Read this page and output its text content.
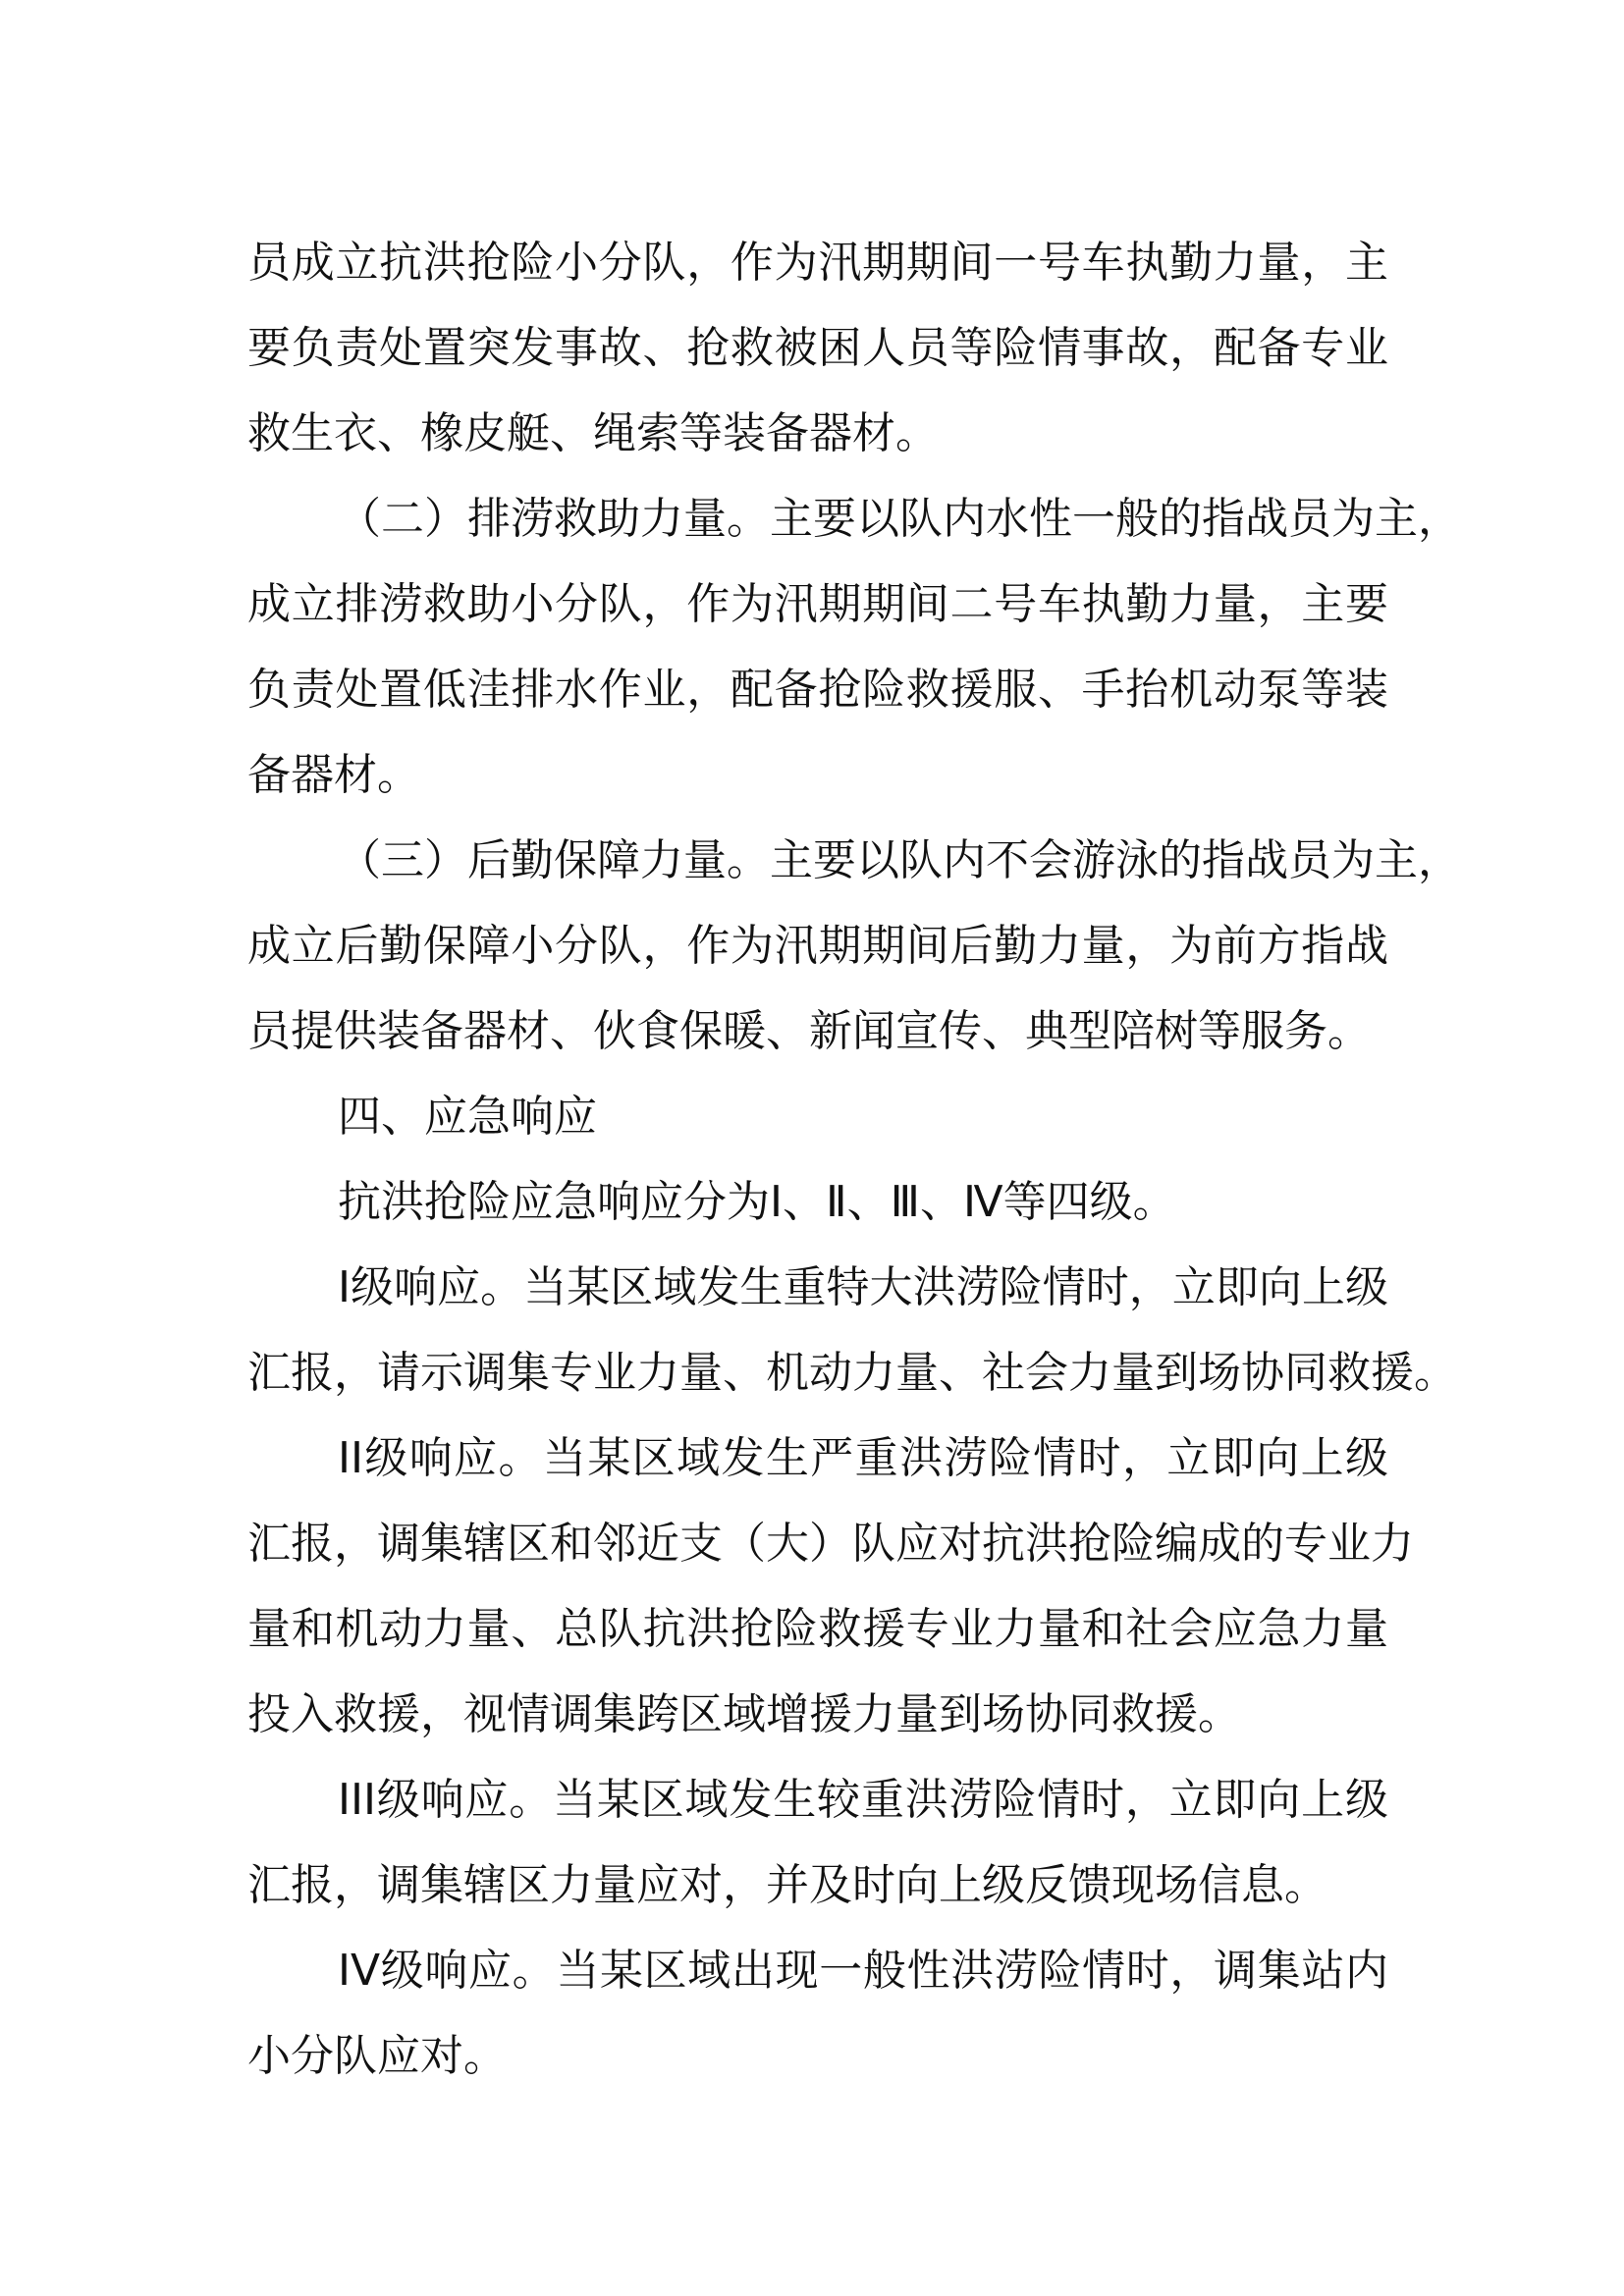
员成立抗洪抢险小分队，作为汛期期间一号车执勤力量，主
要负责处置突发事故、抢救被困人员等险情事故，配备专业
救生衣、橡皮艇、绳索等装备器材。
（二）排涝救助力量。主要以队内水性一般的指战员为主，
成立排涝救助小分队，作为汛期期间二号车执勤力量，主要
负责处置低洼排水作业，配备抢险救援服、手抬机动泵等装
备器材。
（三）后勤保障力量。主要以队内不会游泳的指战员为主，
成立后勤保障小分队，作为汛期期间后勤力量，为前方指战
员提供装备器材、伙食保暖、新闻宣传、典型陪树等服务。
四、应急响应
抗洪抢险应急响应分为Ⅰ、Ⅱ、Ⅲ、Ⅳ等四级。
I级响应。当某区域发生重特大洪涝险情时，立即向上级
汇报，请示调集专业力量、机动力量、社会力量到场协同救援。
II级响应。当某区域发生严重洪涝险情时，立即向上级
汇报，调集辖区和邻近支（大）队应对抗洪抢险编成的专业力
量和机动力量、总队抗洪抢险救援专业力量和社会应急力量
投入救援，视情调集跨区域增援力量到场协同救援。
III级响应。当某区域发生较重洪涝险情时，立即向上级
汇报，调集辖区力量应对，并及时向上级反馈现场信息。
IV级响应。当某区域出现一般性洪涝险情时，调集站内
小分队应对。
